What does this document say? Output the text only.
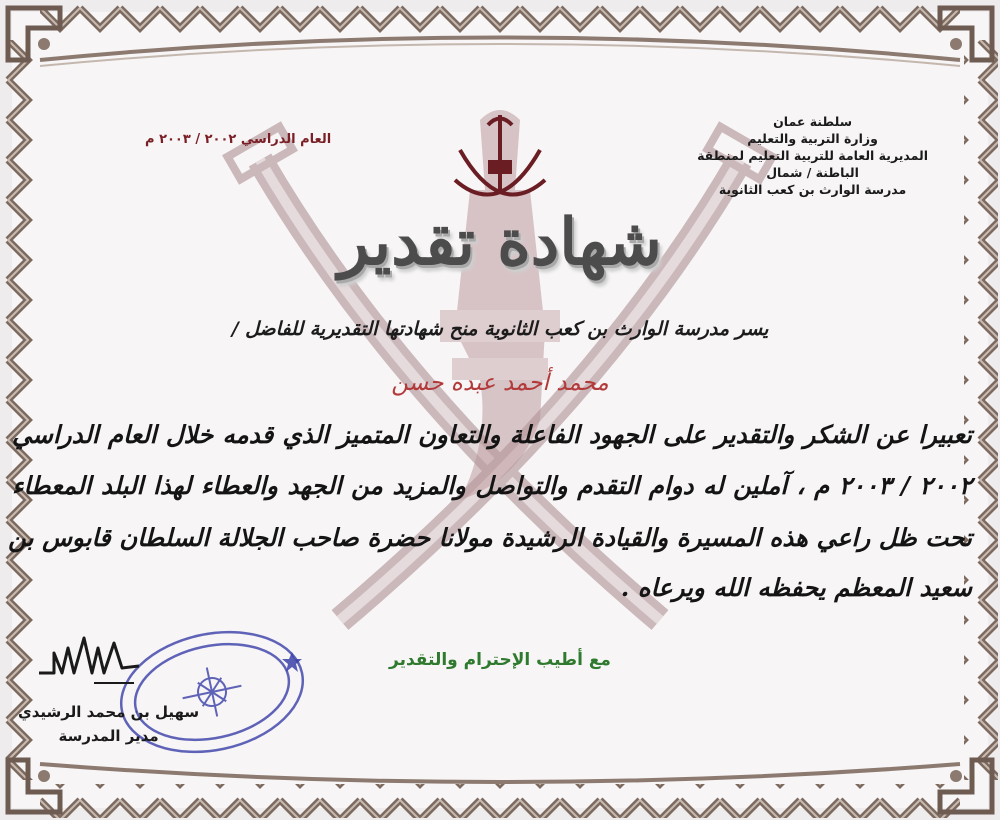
سلطنة عمان
وزارة التربية والتعليم
المديرية العامة للتربية التعليم لمنطقة
الباطنة / شمال
مدرسة الوارث بن كعب الثانوية
العام الدراسي ٢٠٠٢ / ٢٠٠٣ م
شهادة تقدير
يسر مدرسة الوارث بن كعب الثانوية منح شهادتها التقديرية للفاضل /
محمد أحمد عبده حسن
تعبيرا عن الشكر والتقدير على الجهود الفاعلة والتعاون المتميز الذي قدمه خلال العام الدراسي
٢٠٠٢ / ٢٠٠٣ م ، آملين له دوام التقدم والتواصل والمزيد من الجهد والعطاء لهذا البلد المعطاء
تحت ظل راعي هذه المسيرة والقيادة الرشيدة مولانا حضرة صاحب الجلالة السلطان قابوس بن
سعيد المعظم يحفظه الله ويرعاه .
مع أطيب الإحترام والتقدير
سهيل بن محمد الرشيدي
مدير المدرسة
